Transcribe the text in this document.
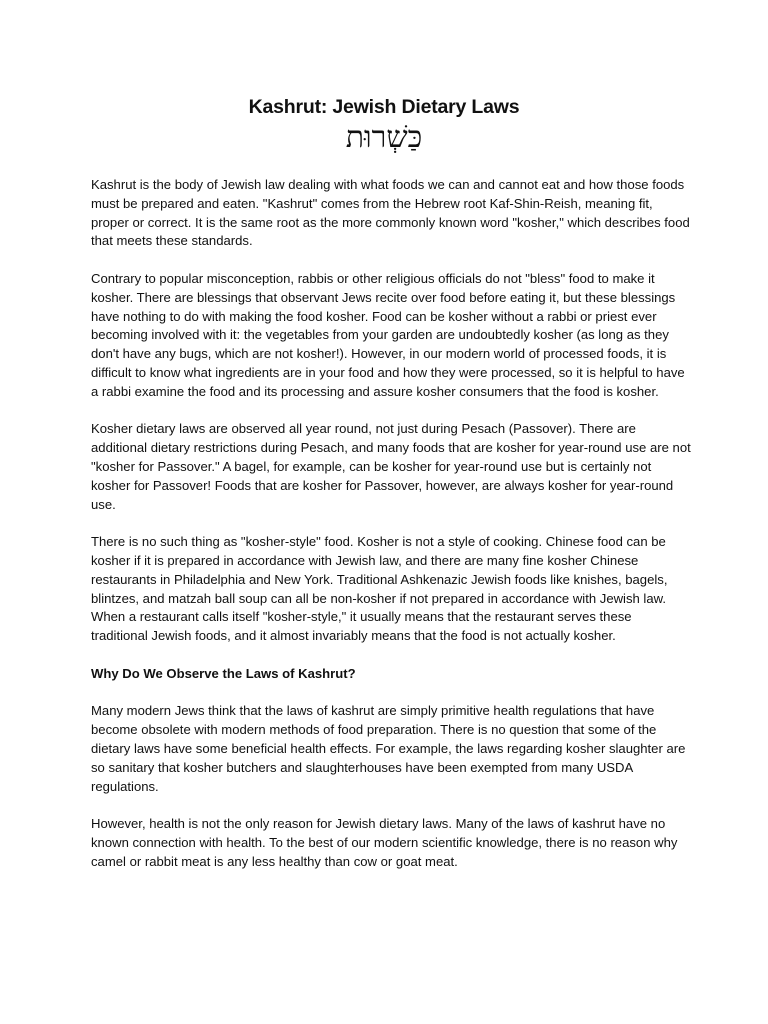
Kashrut: Jewish Dietary Laws
כַּשְׁרוּת

Kashrut is the body of Jewish law dealing with what foods we can and cannot eat and how those foods must be prepared and eaten. "Kashrut" comes from the Hebrew root Kaf-Shin-Reish, meaning fit, proper or correct. It is the same root as the more commonly known word "kosher," which describes food that meets these standards.

Contrary to popular misconception, rabbis or other religious officials do not "bless" food to make it kosher. There are blessings that observant Jews recite over food before eating it, but these blessings have nothing to do with making the food kosher. Food can be kosher without a rabbi or priest ever becoming involved with it: the vegetables from your garden are undoubtedly kosher (as long as they don't have any bugs, which are not kosher!). However, in our modern world of processed foods, it is difficult to know what ingredients are in your food and how they were processed, so it is helpful to have a rabbi examine the food and its processing and assure kosher consumers that the food is kosher.

Kosher dietary laws are observed all year round, not just during Pesach (Passover). There are additional dietary restrictions during Pesach, and many foods that are kosher for year-round use are not "kosher for Passover." A bagel, for example, can be kosher for year-round use but is certainly not kosher for Passover! Foods that are kosher for Passover, however, are always kosher for year-round use.

There is no such thing as "kosher-style" food. Kosher is not a style of cooking. Chinese food can be kosher if it is prepared in accordance with Jewish law, and there are many fine kosher Chinese restaurants in Philadelphia and New York. Traditional Ashkenazic Jewish foods like knishes, bagels, blintzes, and matzah ball soup can all be non-kosher if not prepared in accordance with Jewish law. When a restaurant calls itself "kosher-style," it usually means that the restaurant serves these traditional Jewish foods, and it almost invariably means that the food is not actually kosher.

Why Do We Observe the Laws of Kashrut?

Many modern Jews think that the laws of kashrut are simply primitive health regulations that have become obsolete with modern methods of food preparation. There is no question that some of the dietary laws have some beneficial health effects. For example, the laws regarding kosher slaughter are so sanitary that kosher butchers and slaughterhouses have been exempted from many USDA regulations.

However, health is not the only reason for Jewish dietary laws. Many of the laws of kashrut have no known connection with health. To the best of our modern scientific knowledge, there is no reason why camel or rabbit meat is any less healthy than cow or goat meat.
